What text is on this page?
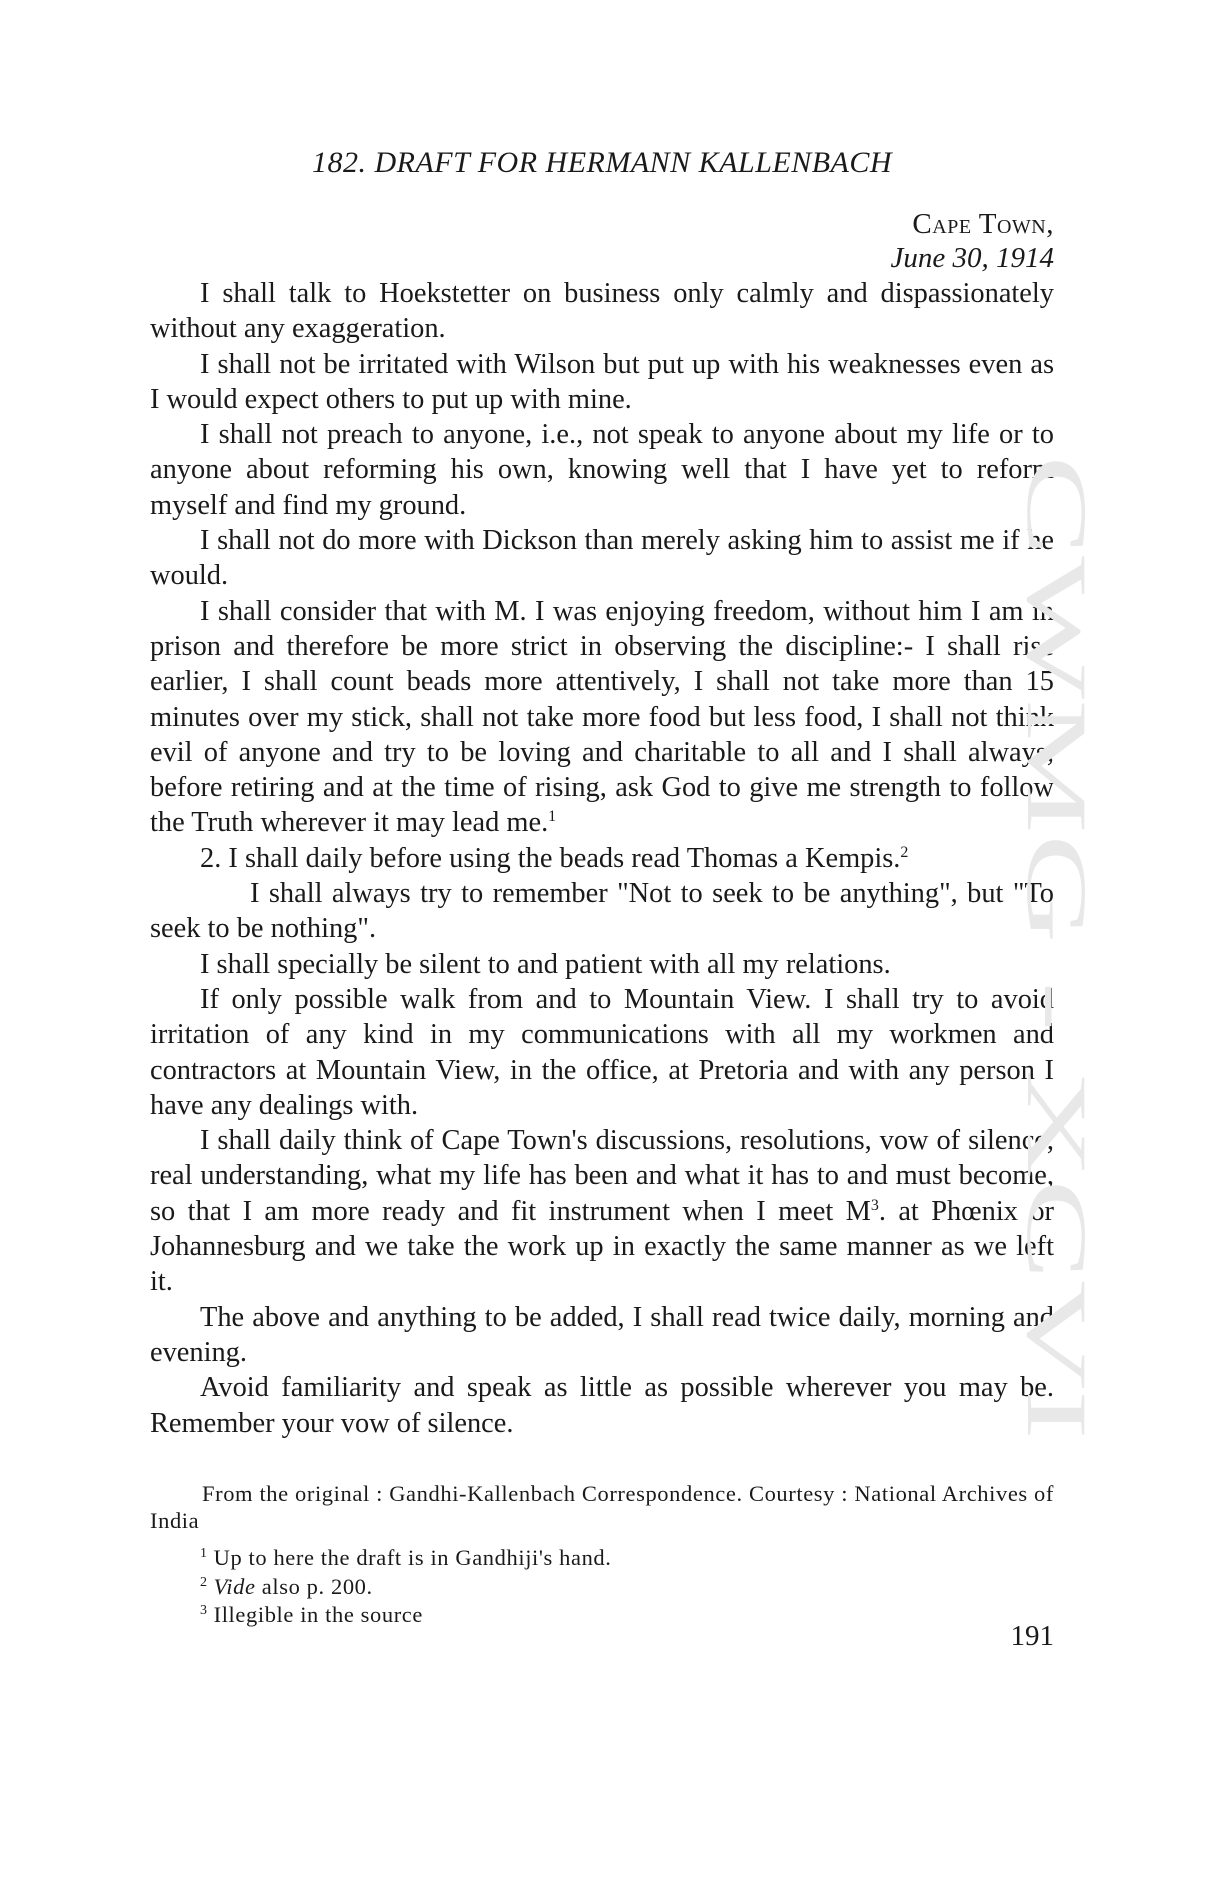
182. DRAFT FOR HERMANN KALLENBACH
Cape Town,
June 30, 1914

I shall talk to Hoekstetter on business only calmly and dispassionately without any exaggeration.

I shall not be irritated with Wilson but put up with his weaknesses even as I would expect others to put up with mine.

I shall not preach to anyone, i.e., not speak to anyone about my life or to anyone about reforming his own, knowing well that I have yet to reform myself and find my ground.

I shall not do more with Dickson than merely asking him to assist me if he would.

I shall consider that with M. I was enjoying freedom, without him I am in prison and therefore be more strict in observing the discipline:- I shall rise earlier, I shall count beads more attentively, I shall not take more than 15 minutes over my stick, shall not take more food but less food, I shall not think evil of anyone and try to be loving and charitable to all and I shall always, before retiring and at the time of rising, ask God to give me strength to follow the Truth wherever it may lead me.$^1$

2. I shall daily before using the beads read Thomas a Kempis.$^2$

I shall always try to remember "Not to seek to be anything", but "To seek to be nothing".

I shall specially be silent to and patient with all my relations.

If only possible walk from and to Mountain View. I shall try to avoid irritation of any kind in my communications with all my workmen and contractors at Mountain View, in the office, at Pretoria and with any person I have any dealings with.

I shall daily think of Cape Town's discussions, resolutions, vow of silence, real understanding, what my life has been and what it has to and must become, so that I am more ready and fit instrument when I meet $M^3$. at Phœnix or Johannesburg and we take the work up in exactly the same manner as we left it.

The above and anything to be added, I shall read twice daily, morning and evening.

Avoid familiarity and speak as little as possible wherever you may be. Remember your vow of silence.

From the original : Gandhi-Kallenbach Correspondence. Courtesy : National Archives of India

$^1$ Up to here the draft is in Gandhiji's hand.

$^2$ Vide also p. 200.

$^3$ Illegible in the source

191
CWMG - XCVI
